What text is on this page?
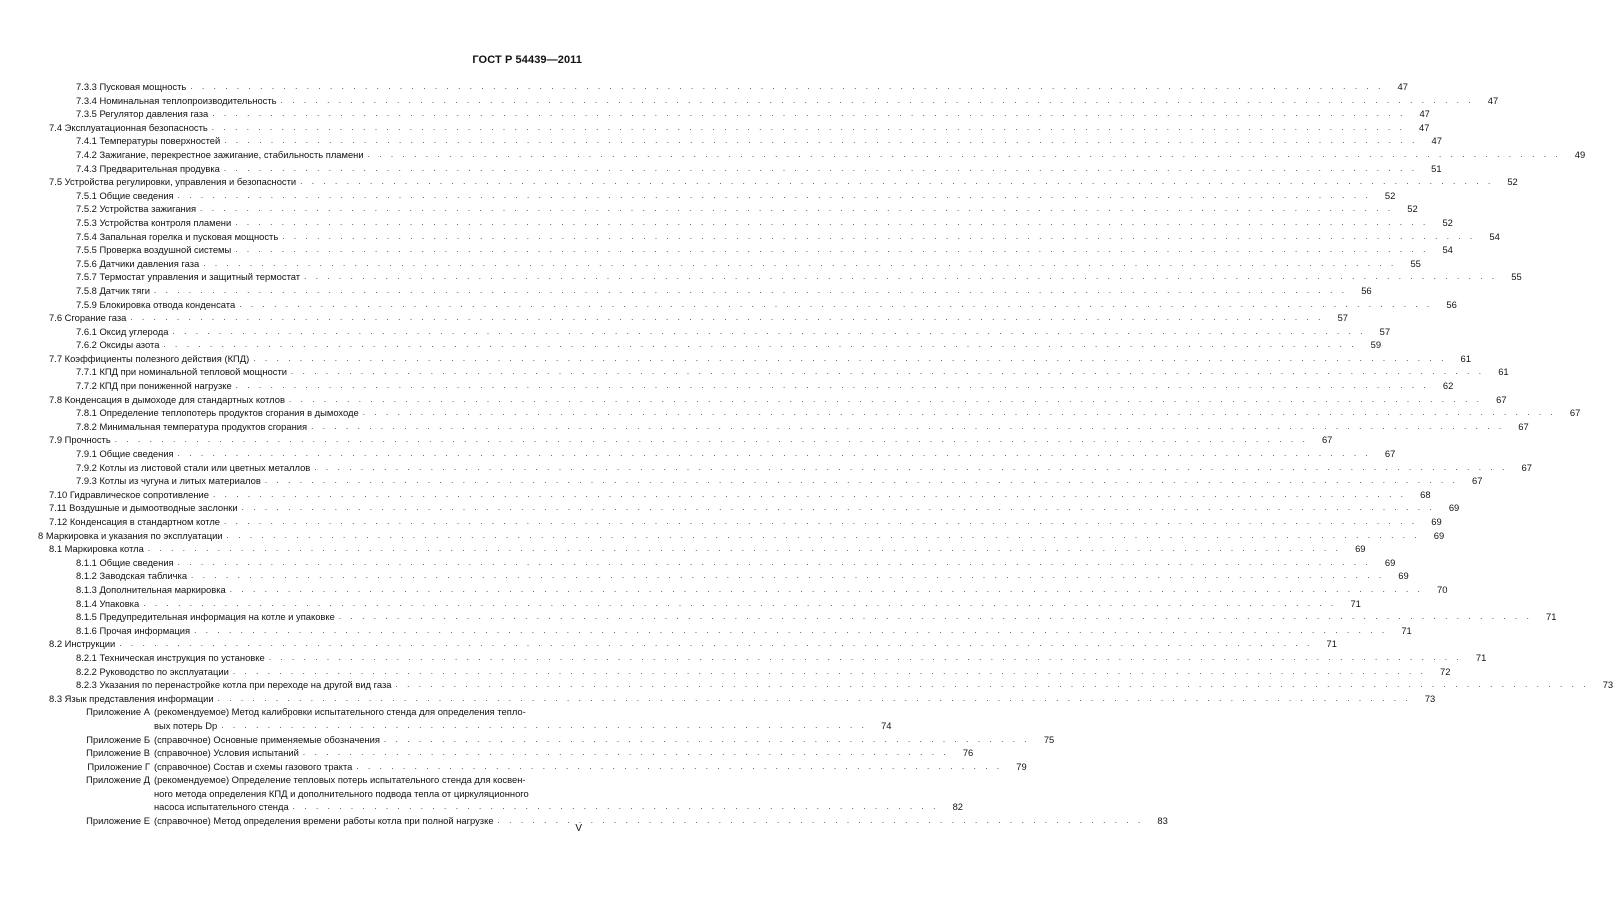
ГОСТ Р 54439—2011
7.3.3 Пусковая мощность . . .	47
7.3.4 Номинальная теплопроизводительность . . .	47
7.3.5 Регулятор давления газа . . .	47
7.4 Эксплуатационная безопасность . . .	47
7.4.1 Температуры поверхностей . . .	47
7.4.2 Зажигание, перекрестное зажигание, стабильность пламени . . .	49
7.4.3 Предварительная продувка . . .	51
7.5 Устройства регулировки, управления и безопасности . . .	52
7.5.1 Общие сведения . . .	52
7.5.2 Устройства зажигания . . .	52
7.5.3 Устройства контроля пламени . . .	52
7.5.4 Запальная горелка и пусковая мощность . . .	54
7.5.5 Проверка воздушной системы . . .	54
7.5.6 Датчики давления газа . . .	55
7.5.7 Термостат управления и защитный термостат . . .	55
7.5.8 Датчик тяги . . .	56
7.5.9 Блокировка отвода конденсата . . .	56
7.6 Сгорание газа . . .	57
7.6.1 Оксид углерода . . .	57
7.6.2 Оксиды азота . . .	59
7.7 Коэффициенты полезного действия (КПД) . . .	61
7.7.1 КПД при номинальной тепловой мощности . . .	61
7.7.2 КПД при пониженной нагрузке . . .	62
7.8 Конденсация в дымоходе для стандартных котлов . . .	67
7.8.1 Определение теплопотерь продуктов сгорания в дымоходе . . .	67
7.8.2 Минимальная температура продуктов сгорания . . .	67
7.9 Прочность . . .	67
7.9.1 Общие сведения . . .	67
7.9.2 Котлы из листовой стали или цветных металлов . . .	67
7.9.3 Котлы из чугуна и литых материалов . . .	67
7.10 Гидравлическое сопротивление . . .	68
7.11 Воздушные и дымоотводные заслонки . . .	69
7.12 Конденсация в стандартном котле . . .	69
8 Маркировка и указания по эксплуатации . . .	69
8.1 Маркировка котла . . .	69
8.1.1 Общие сведения . . .	69
8.1.2 Заводская табличка . . .	69
8.1.3 Дополнительная маркировка . . .	70
8.1.4 Упаковка . . .	71
8.1.5 Предупредительная информация на котле и упаковке . . .	71
8.1.6 Прочая информация . . .	71
8.2 Инструкции . . .	71
8.2.1 Техническая инструкция по установке . . .	71
8.2.2 Руководство по эксплуатации . . .	72
8.2.3 Указания по перенастройке котла при переходе на другой вид газа . . .	73
8.3 Язык представления информации . . .	73
Приложение А (рекомендуемое) Метод калибровки испытательного стенда для определения тепло-
вых потерь Dp . . .	74
Приложение Б (справочное) Основные применяемые обозначения . . .	75
Приложение В (справочное) Условия испытаний . . .	76
Приложение Г (справочное) Состав и схемы газового тракта . . .	79
Приложение Д (рекомендуемое) Определение тепловых потерь испытательного стенда для косвен-
ного метода определения КПД и дополнительного подвода тепла от циркуляционного
насоса испытательного стенда . . .	82
Приложение Е (справочное) Метод определения времени работы котла при полной нагрузке . . .	83
V
